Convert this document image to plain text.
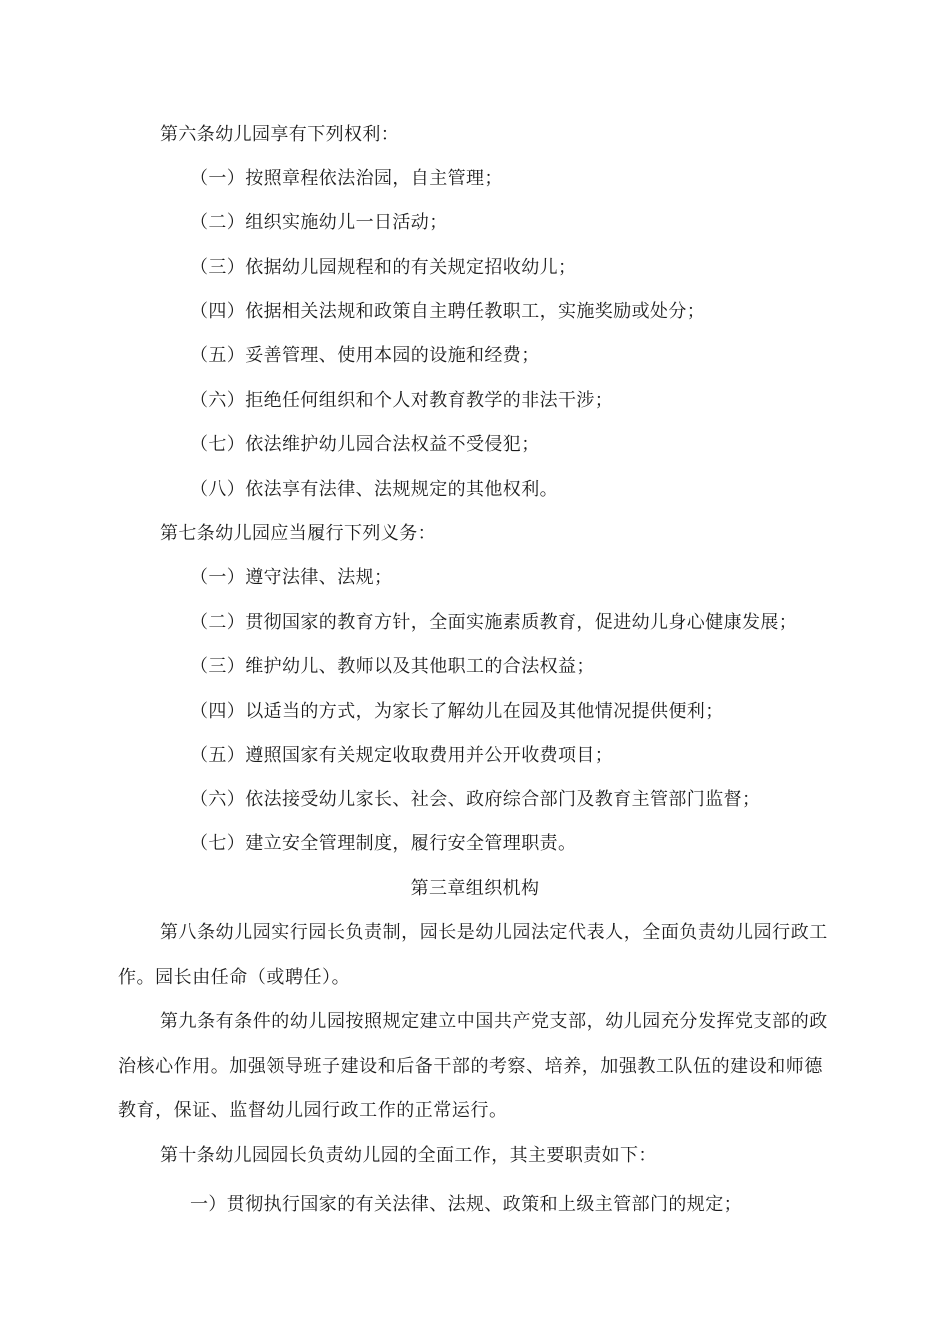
第六条幼儿园享有下列权利：
（一）按照章程依法治园，自主管理；
（二）组织实施幼儿一日活动；
（三）依据幼儿园规程和的有关规定招收幼儿；
（四）依据相关法规和政策自主聘任教职工，实施奖励或处分；
（五）妥善管理、使用本园的设施和经费；
（六）拒绝任何组织和个人对教育教学的非法干涉；
（七）依法维护幼儿园合法权益不受侵犯；
（八）依法享有法律、法规规定的其他权利。
第七条幼儿园应当履行下列义务：
（一）遵守法律、法规；
（二）贯彻国家的教育方针，全面实施素质教育，促进幼儿身心健康发展；
（三）维护幼儿、教师以及其他职工的合法权益；
（四）以适当的方式，为家长了解幼儿在园及其他情况提供便利；
（五）遵照国家有关规定收取费用并公开收费项目；
（六）依法接受幼儿家长、社会、政府综合部门及教育主管部门监督；
（七）建立安全管理制度，履行安全管理职责。
第三章组织机构
第八条幼儿园实行园长负责制，园长是幼儿园法定代表人，全面负责幼儿园行政工作。园长由任命（或聘任）。
第九条有条件的幼儿园按照规定建立中国共产党支部，幼儿园充分发挥党支部的政治核心作用。加强领导班子建设和后备干部的考察、培养，加强教工队伍的建设和师德教育，保证、监督幼儿园行政工作的正常运行。
第十条幼儿园园长负责幼儿园的全面工作，其主要职责如下：
一）贯彻执行国家的有关法律、法规、政策和上级主管部门的规定；
